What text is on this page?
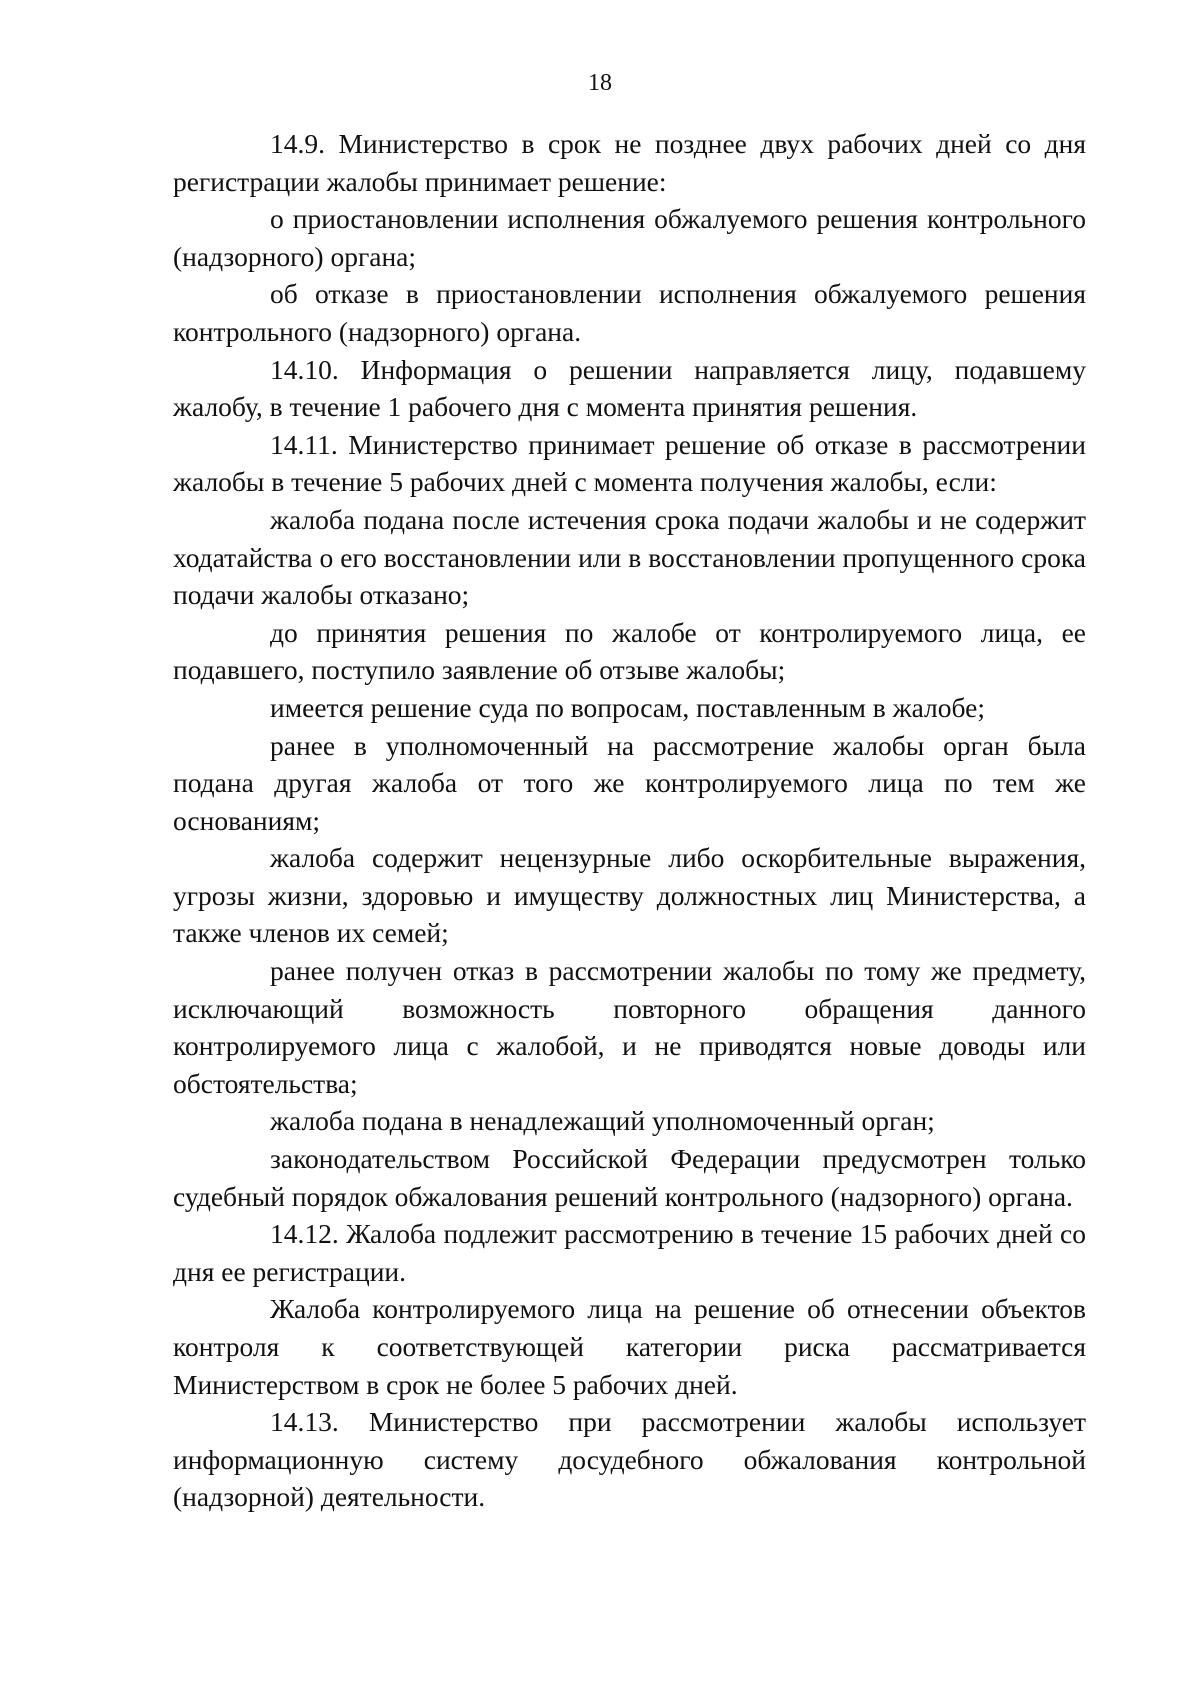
18

14.9. Министерство в срок не позднее двух рабочих дней со дня регистрации жалобы принимает решение:

о приостановлении исполнения обжалуемого решения контрольного (надзорного) органа;

об отказе в приостановлении исполнения обжалуемого решения контрольного (надзорного) органа.

14.10. Информация о решении направляется лицу, подавшему жалобу, в течение 1 рабочего дня с момента принятия решения.

14.11. Министерство принимает решение об отказе в рассмотрении жалобы в течение 5 рабочих дней с момента получения жалобы, если:

жалоба подана после истечения срока подачи жалобы и не содержит ходатайства о его восстановлении или в восстановлении пропущенного срока подачи жалобы отказано;

до принятия решения по жалобе от контролируемого лица, ее подавшего, поступило заявление об отзыве жалобы;

имеется решение суда по вопросам, поставленным в жалобе;

ранее в уполномоченный на рассмотрение жалобы орган была подана другая жалоба от того же контролируемого лица по тем же основаниям;

жалоба содержит нецензурные либо оскорбительные выражения, угрозы жизни, здоровью и имуществу должностных лиц Министерства, а также членов их семей;

ранее получен отказ в рассмотрении жалобы по тому же предмету, исключающий возможность повторного обращения данного контролируемого лица с жалобой, и не приводятся новые доводы или обстоятельства;

жалоба подана в ненадлежащий уполномоченный орган;

законодательством Российской Федерации предусмотрен только судебный порядок обжалования решений контрольного (надзорного) органа.

14.12. Жалоба подлежит рассмотрению в течение 15 рабочих дней со дня ее регистрации.

Жалоба контролируемого лица на решение об отнесении объектов контроля к соответствующей категории риска рассматривается Министерством в срок не более 5 рабочих дней.

14.13. Министерство при рассмотрении жалобы использует информационную систему досудебного обжалования контрольной (надзорной) деятельности.
